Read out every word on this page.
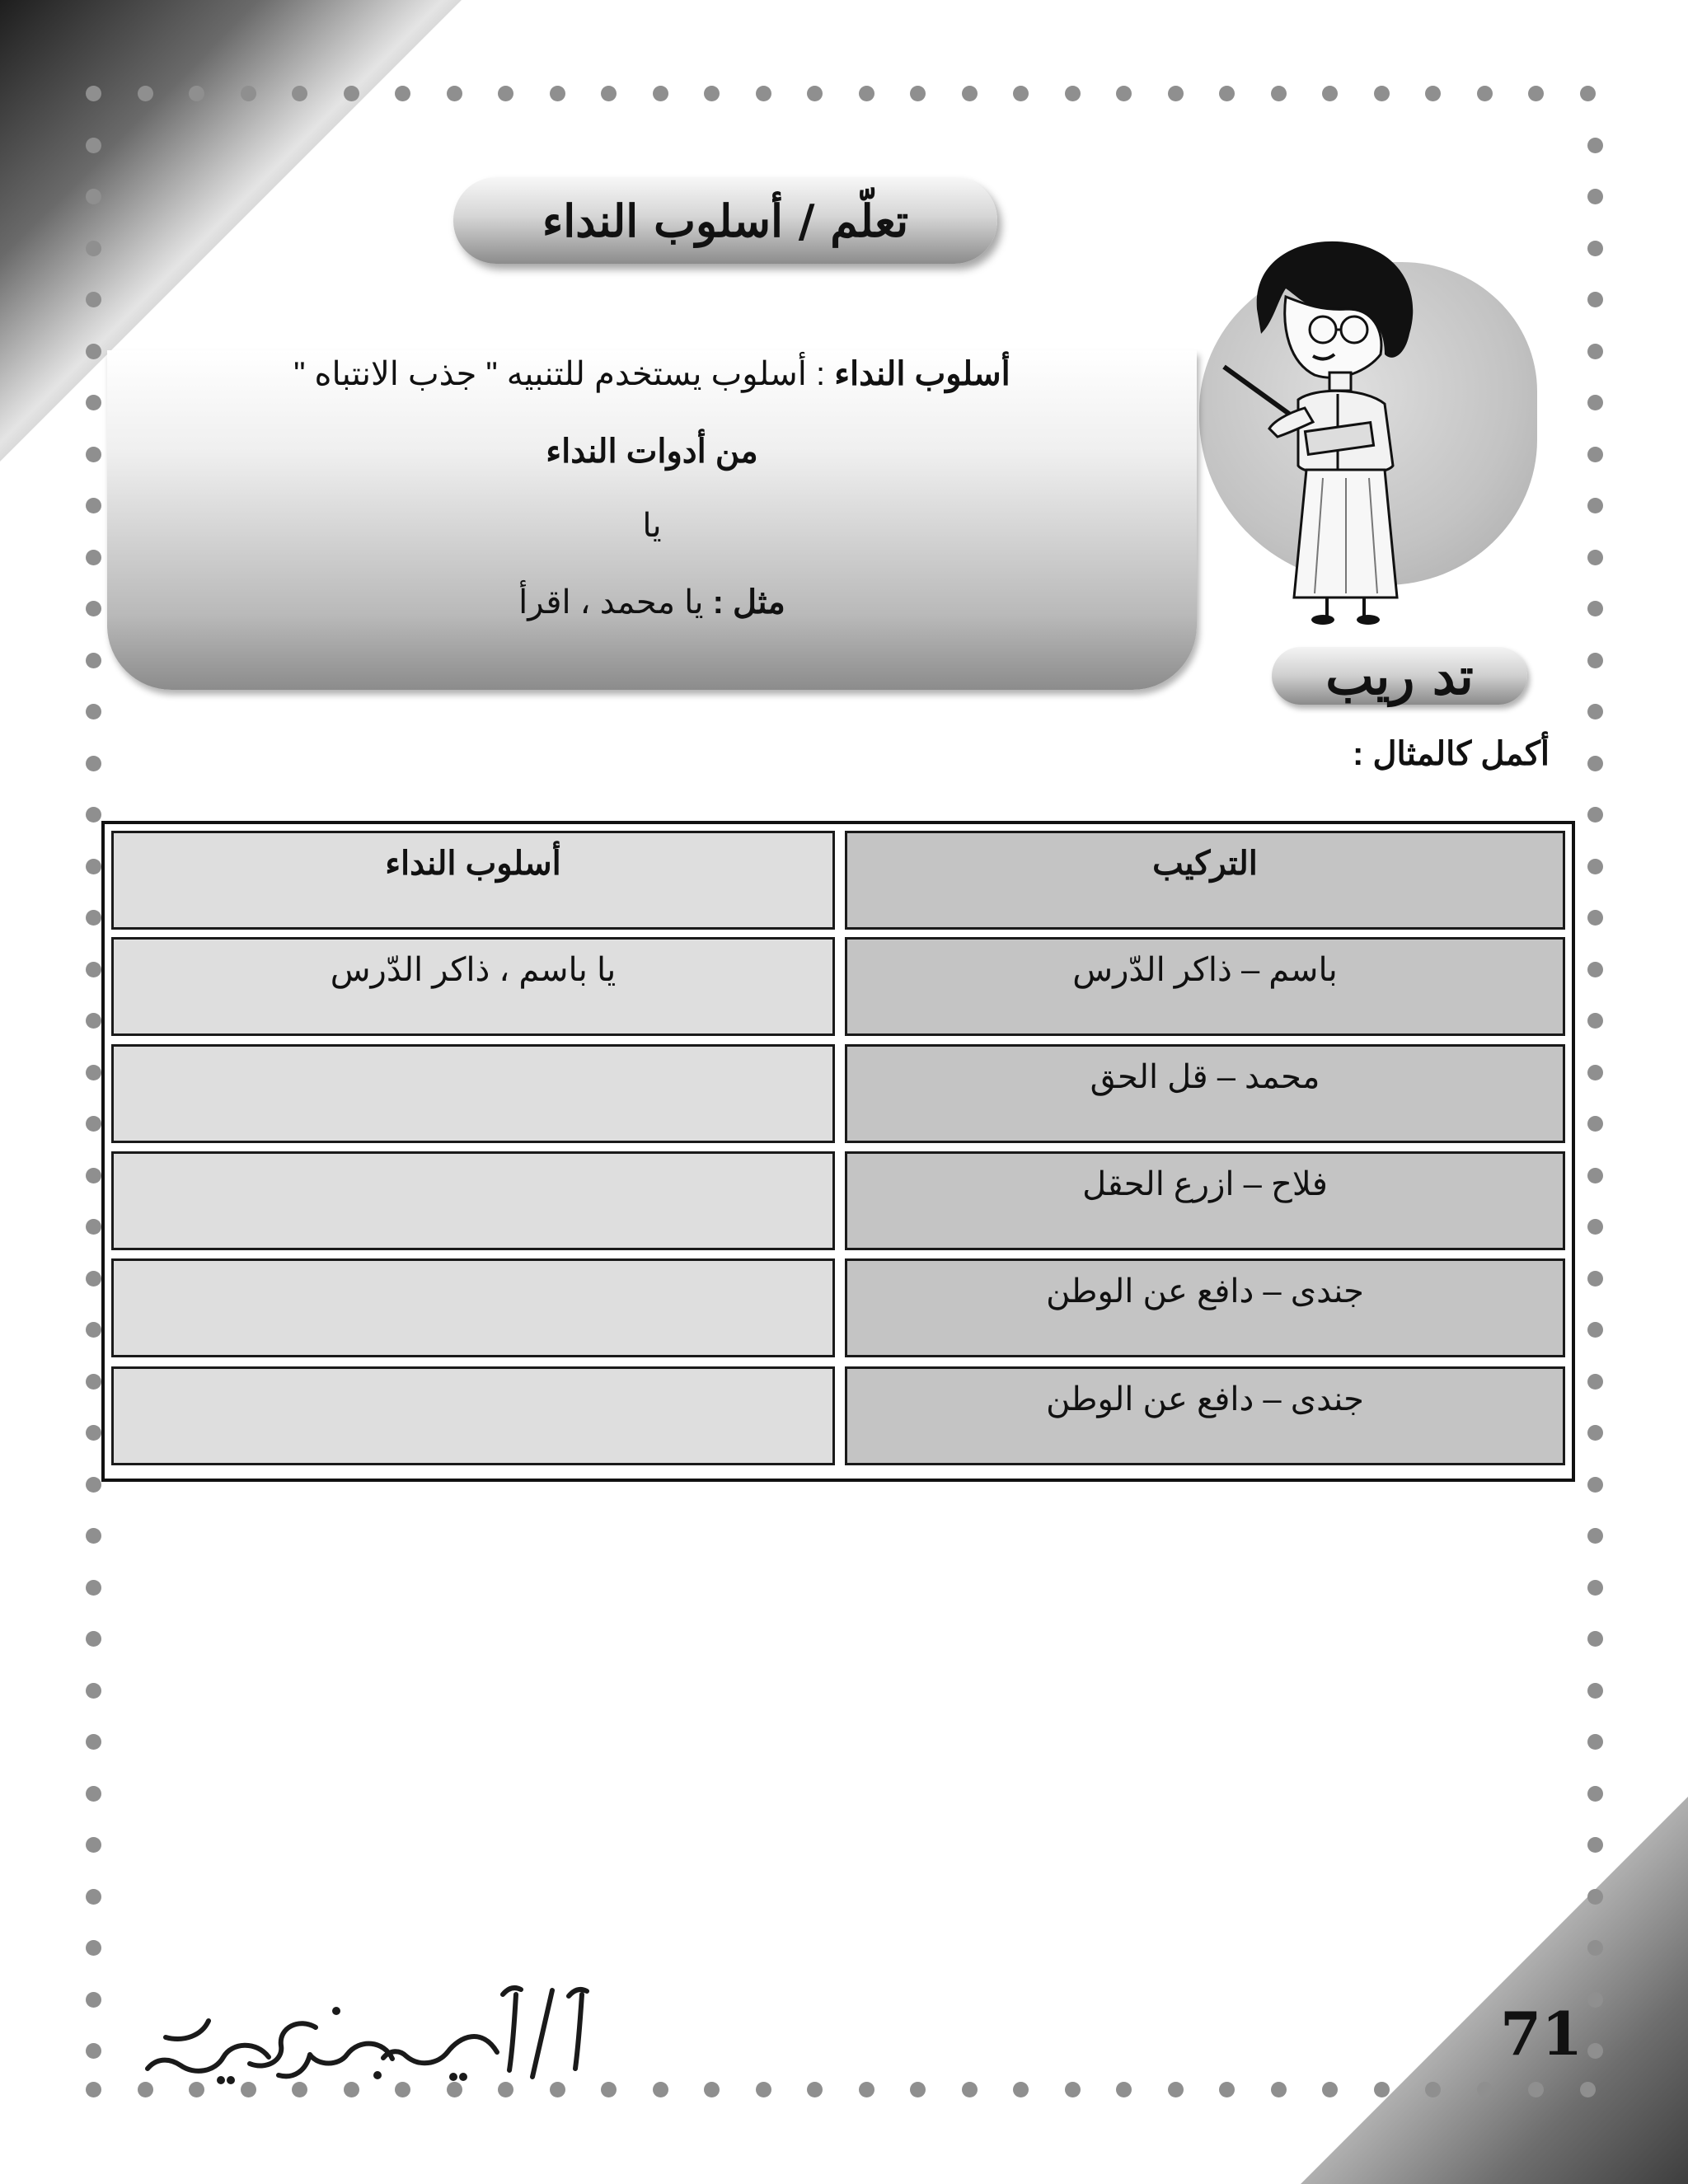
تعلّم / أسلوب النداء
أسلوب النداء : أسلوب يستخدم للتنبيه " جذب الانتباه "
من أدوات النداء
يا
مثل : يا محمد ، اقرأ
تد ريب
أكمل كالمثال :
التركيب
أسلوب النداء
باسم – ذاكر الدّرس
يا باسم ، ذاكر الدّرس
محمد – قل الحق
فلاح – ازرع الحقل
جندى – دافع عن الوطن
جندى – دافع عن الوطن
71
